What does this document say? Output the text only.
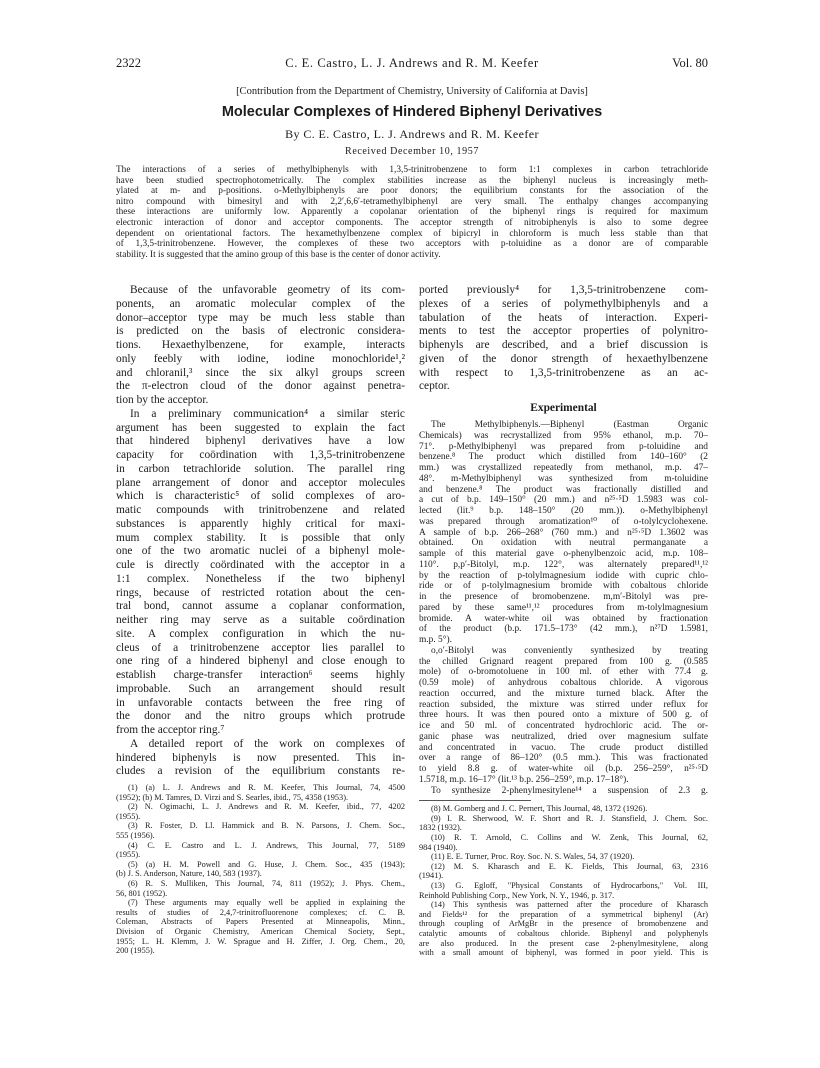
2322	C. E. Castro, L. J. Andrews and R. M. Keefer	Vol. 80
[Contribution from the Department of Chemistry, University of California at Davis]
Molecular Complexes of Hindered Biphenyl Derivatives
By C. E. Castro, L. J. Andrews and R. M. Keefer
Received December 10, 1957
The interactions of a series of methylbiphenyls with 1,3,5-trinitrobenzene to form 1:1 complexes in carbon tetrachloride
have been studied spectrophotometrically. The complex stabilities increase as the biphenyl nucleus is increasingly meth-
ylated at m- and p-positions. o-Methylbiphenyls are poor donors; the equilibrium constants for the association of the
nitro compound with bimesityl and with 2,2′,6,6′-tetramethylbiphenyl are very small. The enthalpy changes accompanying
these interactions are uniformly low. Apparently a copolanar orientation of the biphenyl rings is required for maximum
electronic interaction of donor and acceptor components. The acceptor strength of nitrobiphenyls is also to some degree
dependent on orientational factors. The hexamethylbenzene complex of bipicryl in chloroform is much less stable than that
of 1,3,5-trinitrobenzene. However, the complexes of these two acceptors with p-toluidine as a donor are of comparable
stability. It is suggested that the amino group of this base is the center of donor activity.
Because of the unfavorable geometry of its com-
ponents, an aromatic molecular complex of the
donor–acceptor type may be much less stable than
is predicted on the basis of electronic considera-
tions. Hexaethylbenzene, for example, interacts
only feebly with iodine, iodine monochloride¹,²
and chloranil,³ since the six alkyl groups screen
the π-electron cloud of the donor against penetra-
tion by the acceptor.
In a preliminary communication⁴ a similar steric
argument has been suggested to explain the fact
that hindered biphenyl derivatives have a low
capacity for coördination with 1,3,5-trinitrobenzene
in carbon tetrachloride solution. The parallel ring
plane arrangement of donor and acceptor molecules
which is characteristic⁵ of solid complexes of aro-
matic compounds with trinitrobenzene and related
substances is apparently highly critical for maxi-
mum complex stability. It is possible that only
one of the two aromatic nuclei of a biphenyl mole-
cule is directly coördinated with the acceptor in a
1:1 complex. Nonetheless if the two biphenyl
rings, because of restricted rotation about the cen-
tral bond, cannot assume a coplanar conformation,
neither ring may serve as a suitable coördination
site. A complex configuration in which the nu-
cleus of a trinitrobenzene acceptor lies parallel to
one ring of a hindered biphenyl and close enough to
establish charge-transfer interaction⁶ seems highly
improbable. Such an arrangement should result
in unfavorable contacts between the free ring of
the donor and the nitro groups which protrude
from the acceptor ring.⁷
A detailed report of the work on complexes of
hindered biphenyls is now presented. This in-
cludes a revision of the equilibrium constants re-
(1) (a) L. J. Andrews and R. M. Keefer, This Journal, 74, 4500
(1952); (b) M. Tamres, D. Virzi and S. Searles, ibid., 75, 4358 (1953).
(2) N. Ogimachi, L. J. Andrews and R. M. Keefer, ibid., 77, 4202
(1955).
(3) R. Foster, D. Ll. Hammick and B. N. Parsons, J. Chem. Soc.,
555 (1956).
(4) C. E. Castro and L. J. Andrews, This Journal, 77, 5189
(1955).
(5) (a) H. M. Powell and G. Huse, J. Chem. Soc., 435 (1943);
(b) J. S. Anderson, Nature, 140, 583 (1937).
(6) R. S. Mulliken, This Journal, 74, 811 (1952); J. Phys. Chem.,
56, 801 (1952).
(7) These arguments may equally well be applied in explaining the
results of studies of 2,4,7-trinitrofluorenone complexes; cf. C. B.
Coleman, Abstracts of Papers Presented at Minneapolis, Minn.,
Division of Organic Chemistry, American Chemical Society, Sept.,
1955; L. H. Klemm, J. W. Sprague and H. Ziffer, J. Org. Chem., 20,
200 (1955).
ported previously⁴ for 1,3,5-trinitrobenzene com-
plexes of a series of polymethylbiphenyls and a
tabulation of the heats of interaction. Experi-
ments to test the acceptor properties of polynitro-
biphenyls are described, and a brief discussion is
given of the donor strength of hexaethylbenzene
with respect to 1,3,5-trinitrobenzene as an ac-
ceptor.
Experimental
The Methylbiphenyls.—Biphenyl (Eastman Organic
Chemicals) was recrystallized from 95% ethanol, m.p. 70–
71°. p-Methylbiphenyl was prepared from p-toluidine and
benzene.⁸ The product which distilled from 140–160° (2
mm.) was crystallized repeatedly from methanol, m.p. 47–
48°. m-Methylbiphenyl was synthesized from m-toluidine
and benzene.⁸ The product was fractionally distilled and
a cut of b.p. 149–150° (20 mm.) and n²⁵·⁵D 1.5983 was col-
lected (lit.⁹ b.p. 148–150° (20 mm.)). o-Methylbiphenyl
was prepared through aromatization¹⁰ of o-tolylcyclohexene.
A sample of b.p. 266–268° (760 mm.) and n²⁵·⁵D 1.3602 was
obtained. On oxidation with neutral permanganate a
sample of this material gave o-phenylbenzoic acid, m.p. 108–
110°. p,p′-Bitolyl, m.p. 122°, was alternately prepared¹¹,¹²
by the reaction of p-tolylmagnesium iodide with cupric chlo-
ride or of p-tolylmagnesium bromide with cobaltous chloride
in the presence of bromobenzene. m,m′-Bitolyl was pre-
pared by these same¹¹,¹² procedures from m-tolylmagnesium
bromide. A water-white oil was obtained by fractionation
of the product (b.p. 171.5–173° (42 mm.), n²⁷D 1.5981,
m.p. 5°).
o,o′-Bitolyl was conveniently synthesized by treating
the chilled Grignard reagent prepared from 100 g. (0.585
mole) of o-bromotoluene in 100 ml. of ether with 77.4 g.
(0.59 mole) of anhydrous cobaltous chloride. A vigorous
reaction occurred, and the mixture turned black. After the
reaction subsided, the mixture was stirred under reflux for
three hours. It was then poured onto a mixture of 500 g. of
ice and 50 ml. of concentrated hydrochloric acid. The or-
ganic phase was neutralized, dried over magnesium sulfate
and concentrated in vacuo. The crude product distilled
over a range of 86–120° (0.5 mm.). This was fractionated
to yield 8.8 g. of water-white oil (b.p. 256–259°, n²⁵·⁵D
1.5718, m.p. 16–17° (lit.¹³ b.p. 256–259°, m.p. 17–18°).
To synthesize 2-phenylmesitylene¹⁴ a suspension of 2.3 g.
(8) M. Gomberg and J. C. Pernert, This Journal, 48, 1372 (1926).
(9) I. R. Sherwood, W. F. Short and R. J. Stansfield, J. Chem. Soc.
1832 (1932).
(10) R. T. Arnold, C. Collins and W. Zenk, This Journal, 62,
984 (1940).
(11) E. E. Turner, Proc. Roy. Soc. N. S. Wales, 54, 37 (1920).
(12) M. S. Kharasch and E. K. Fields, This Journal, 63, 2316
(1941).
(13) G. Egloff, "Physical Constants of Hydrocarbons," Vol. III,
Reinhold Publishing Corp., New York, N. Y., 1946, p. 317.
(14) This synthesis was patterned after the procedure of Kharasch
and Fields¹² for the preparation of a symmetrical biphenyl (Ar)
through coupling of ArMgBr in the presence of bromobenzene and
catalytic amounts of cobaltous chloride. Biphenyl and polyphenyls
are also produced. In the present case 2-phenylmesitylene, along
with a small amount of biphenyl, was formed in poor yield. This is
